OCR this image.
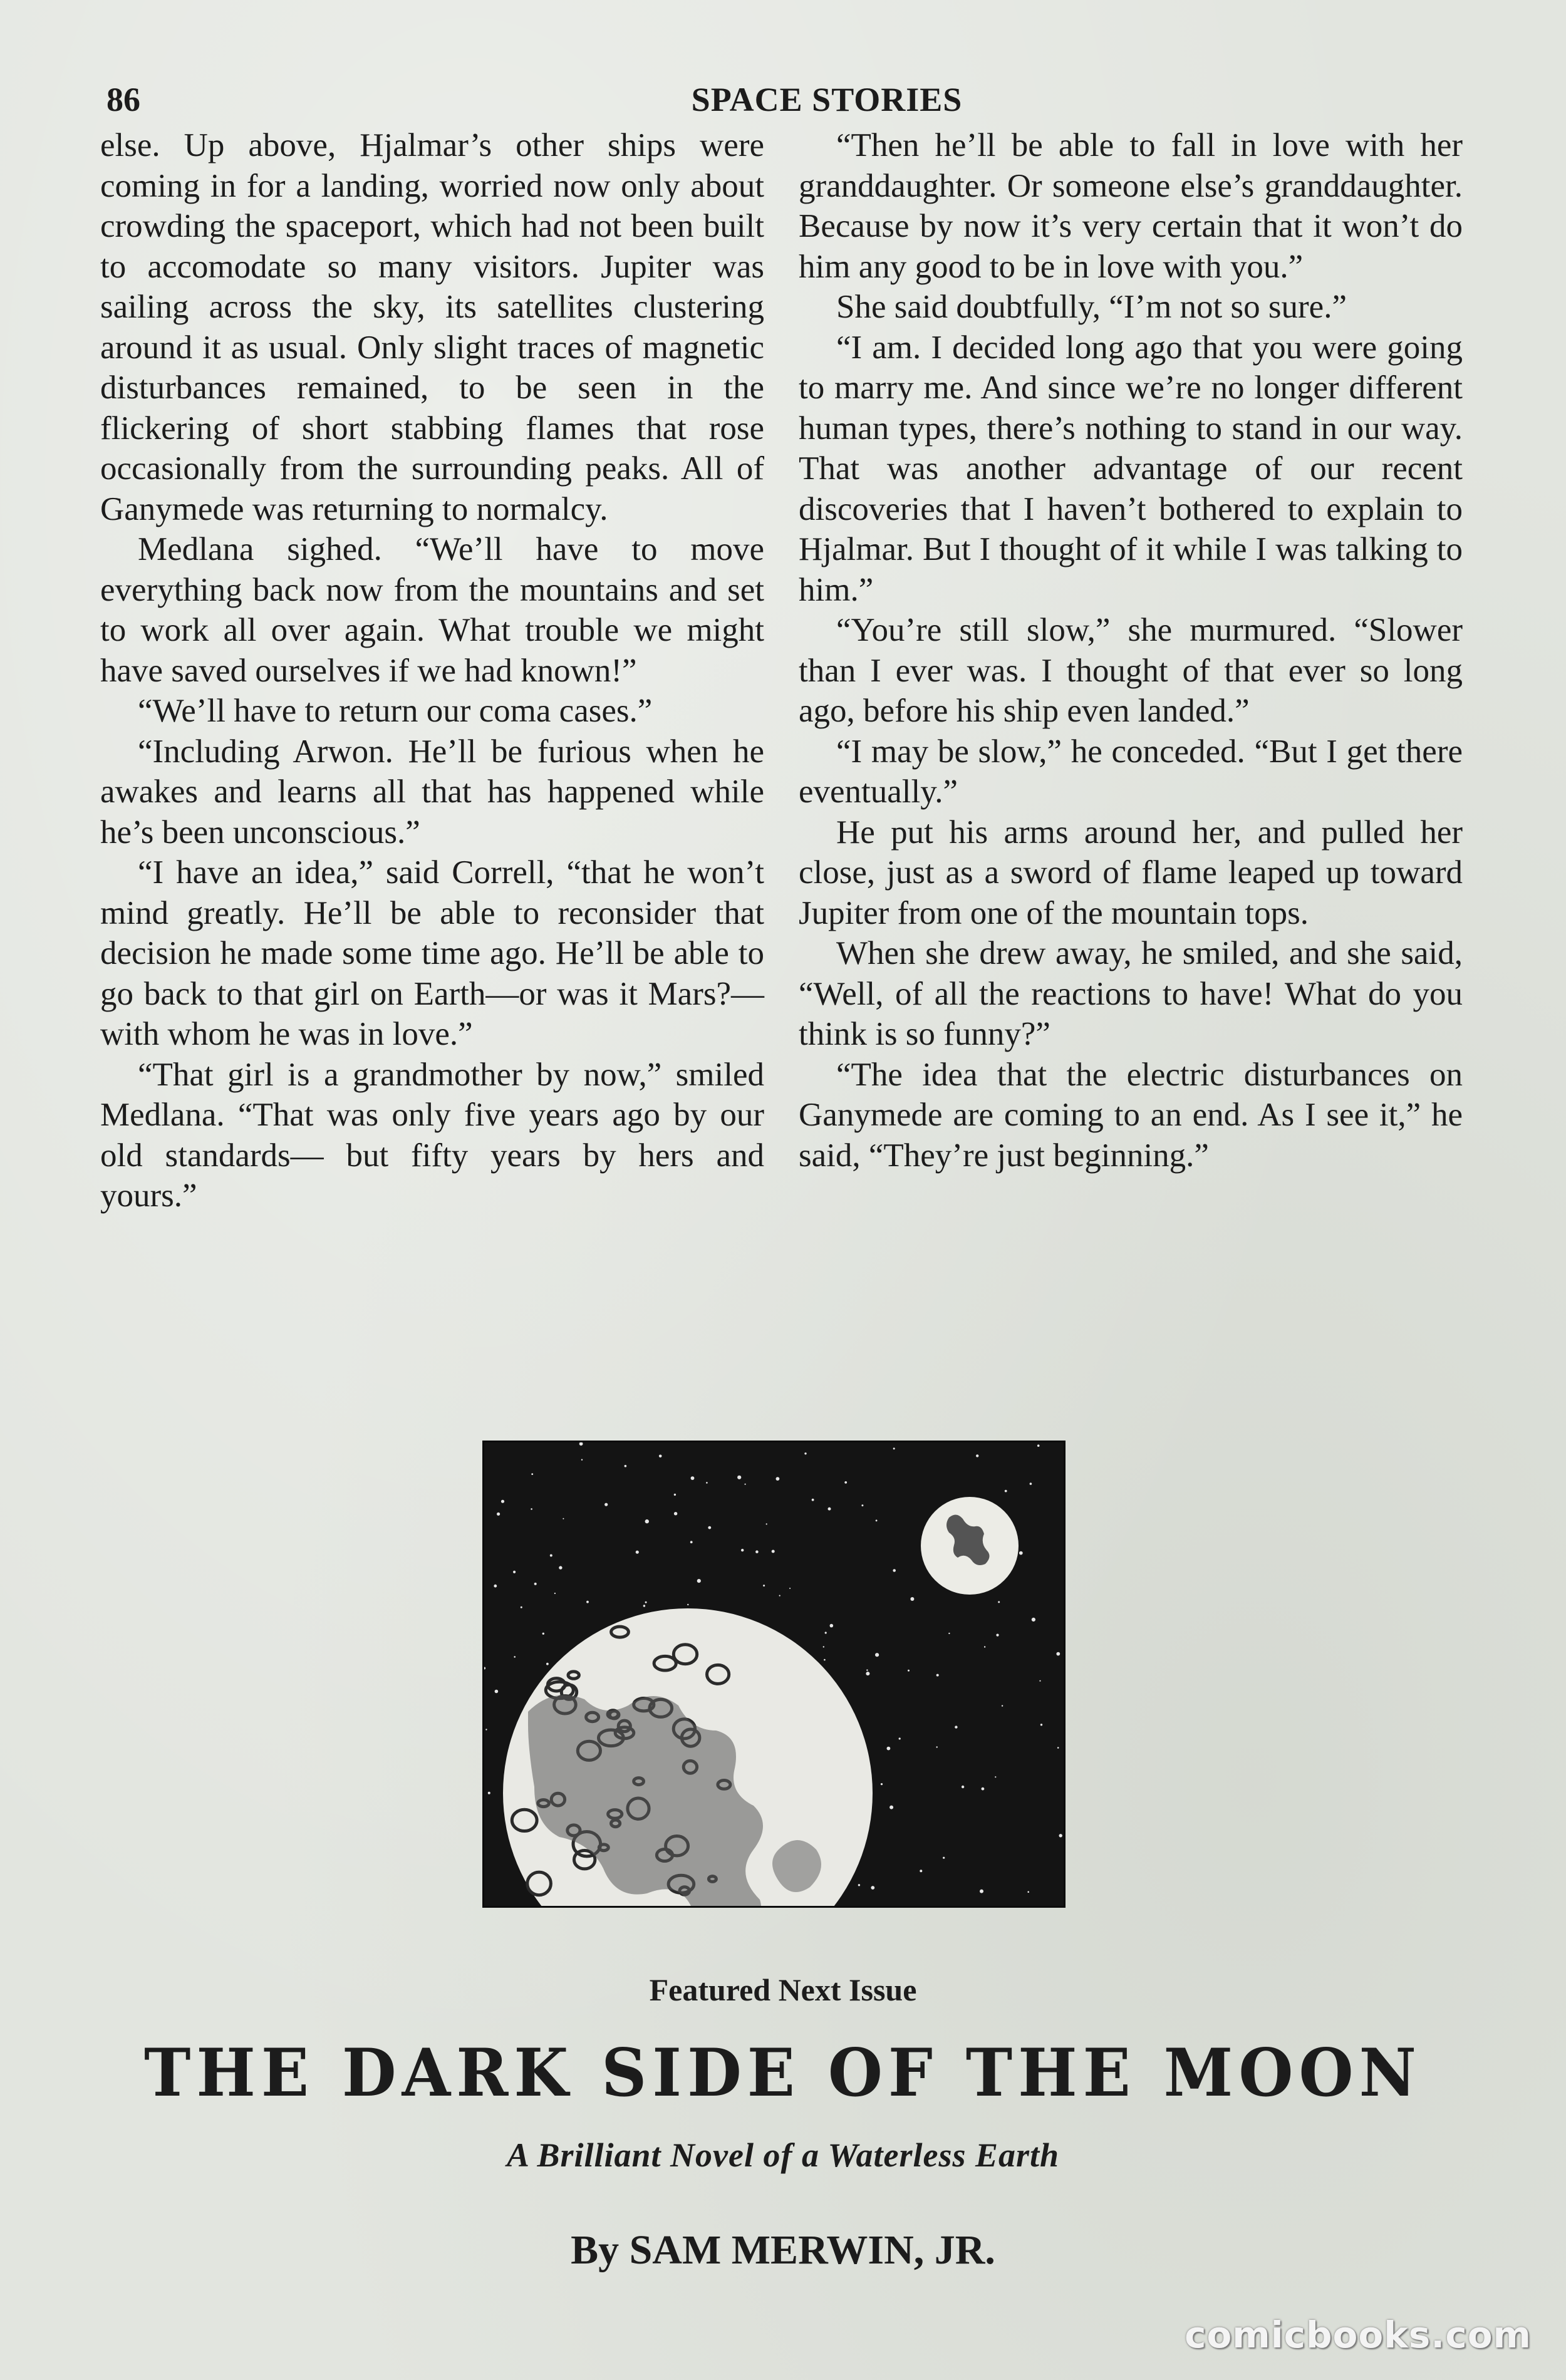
86	SPACE STORIES

else. Up above, Hjalmar’s other ships were coming in for a landing, worried now only about crowding the spaceport, which had not been built to accomodate so many visitors. Jupiter was sailing across the sky, its satellites clustering around it as usual. Only slight traces of magnetic disturbances remained, to be seen in the flickering of short stabbing flames that rose occasionally from the surrounding peaks. All of Ganymede was returning to normalcy.

Medlana sighed. “We’ll have to move everything back now from the mountains and set to work all over again. What trouble we might have saved ourselves if we had known!”

“We’ll have to return our coma cases.”

“Including Arwon. He’ll be furious when he awakes and learns all that has happened while he’s been unconscious.”

“I have an idea,” said Correll, “that he won’t mind greatly. He’ll be able to reconsider that decision he made some time ago. He’ll be able to go back to that girl on Earth—or was it Mars?—with whom he was in love.”

“That girl is a grandmother by now,” smiled Medlana. “That was only five years ago by our old standards— but fifty years by hers and yours.”

“Then he’ll be able to fall in love with her granddaughter. Or someone else’s granddaughter. Because by now it’s very certain that it won’t do him any good to be in love with you.”

She said doubtfully, “I’m not so sure.”

“I am. I decided long ago that you were going to marry me. And since we’re no longer different human types, there’s nothing to stand in our way. That was another advantage of our recent discoveries that I haven’t bothered to explain to Hjalmar. But I thought of it while I was talking to him.”

“You’re still slow,” she murmured. “Slower than I ever was. I thought of that ever so long ago, before his ship even landed.”

“I may be slow,” he conceded. “But I get there eventually.”

He put his arms around her, and pulled her close, just as a sword of flame leaped up toward Jupiter from one of the mountain tops.

When she drew away, he smiled, and she said, “Well, of all the reactions to have! What do you think is so funny?”

“The idea that the electric disturbances on Ganymede are coming to an end. As I see it,” he said, “They’re just beginning.”

Featured Next Issue
THE DARK SIDE OF THE MOON
A Brilliant Novel of a Waterless Earth
By SAM MERWIN, JR.
comicbooks.com
